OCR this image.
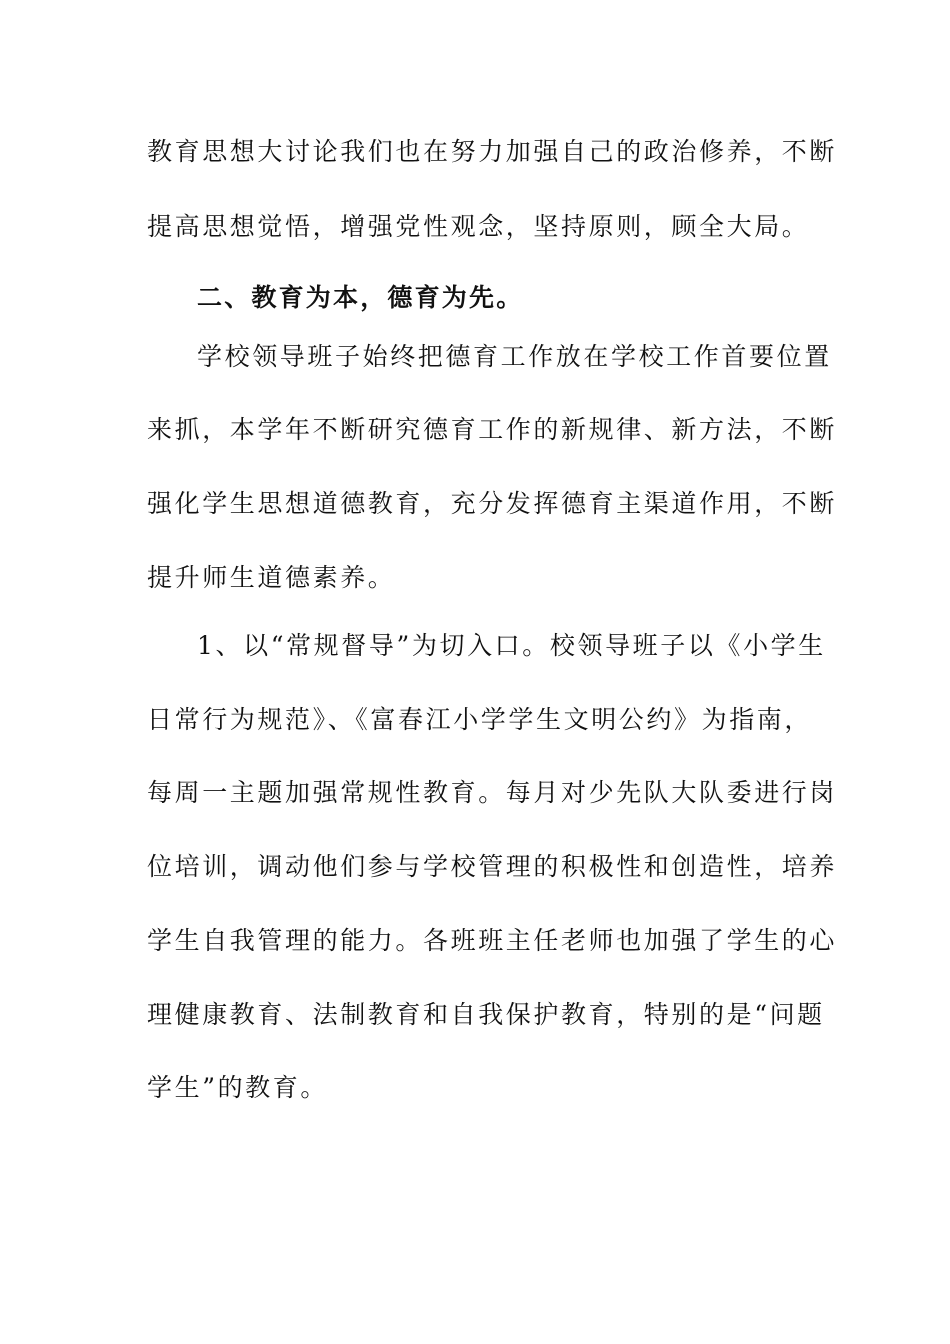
教育思想大讨论我们也在努力加强自己的政治修养，不断
提高思想觉悟，增强党性观念，坚持原则，顾全大局。
二、教育为本，德育为先。
学校领导班子始终把德育工作放在学校工作首要位置
来抓，本学年不断研究德育工作的新规律、新方法，不断
强化学生思想道德教育，充分发挥德育主渠道作用，不断
提升师生道德素养。
1、以“常规督导”为切入口。校领导班子以《小学生
日常行为规范》、《富春江小学学生文明公约》为指南，
每周一主题加强常规性教育。每月对少先队大队委进行岗
位培训，调动他们参与学校管理的积极性和创造性，培养
学生自我管理的能力。各班班主任老师也加强了学生的心
理健康教育、法制教育和自我保护教育，特别的是“问题
学生”的教育。
